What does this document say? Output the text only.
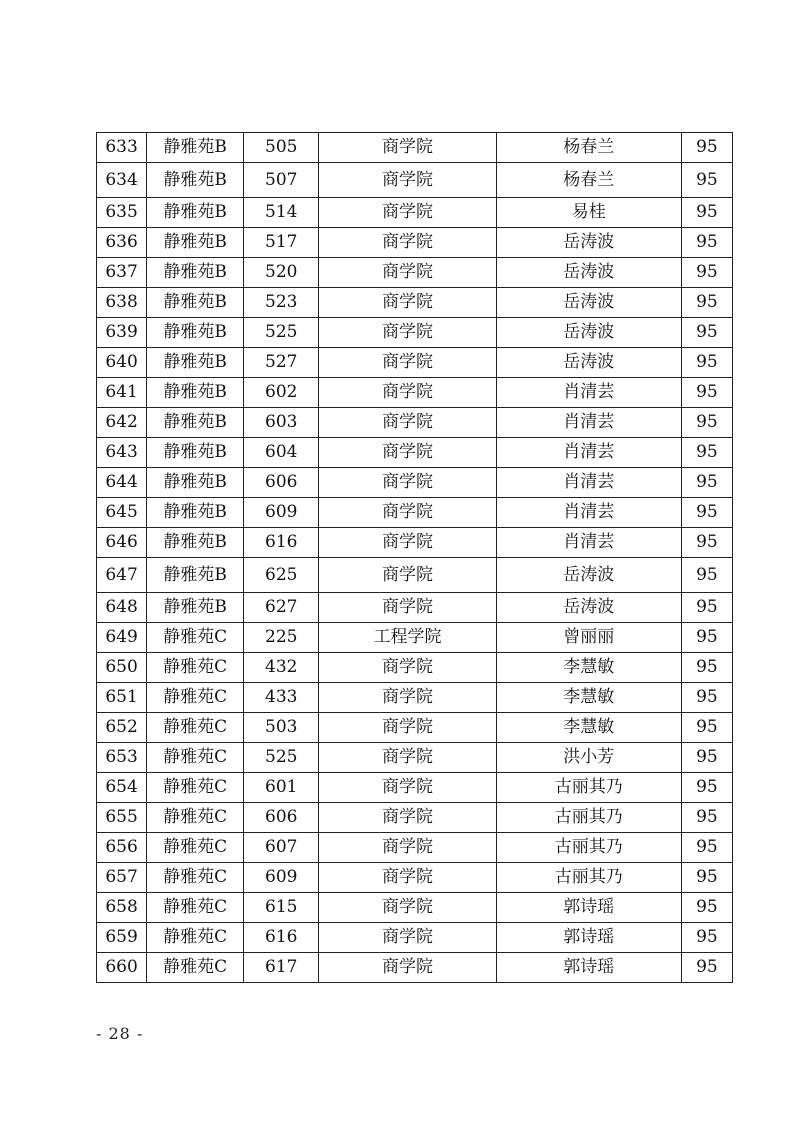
633	静雅苑B	505	商学院	杨春兰	95
634	静雅苑B	507	商学院	杨春兰	95
635	静雅苑B	514	商学院	易桂	95
636	静雅苑B	517	商学院	岳涛波	95
637	静雅苑B	520	商学院	岳涛波	95
638	静雅苑B	523	商学院	岳涛波	95
639	静雅苑B	525	商学院	岳涛波	95
640	静雅苑B	527	商学院	岳涛波	95
641	静雅苑B	602	商学院	肖清芸	95
642	静雅苑B	603	商学院	肖清芸	95
643	静雅苑B	604	商学院	肖清芸	95
644	静雅苑B	606	商学院	肖清芸	95
645	静雅苑B	609	商学院	肖清芸	95
646	静雅苑B	616	商学院	肖清芸	95
647	静雅苑B	625	商学院	岳涛波	95
648	静雅苑B	627	商学院	岳涛波	95
649	静雅苑C	225	工程学院	曾丽丽	95
650	静雅苑C	432	商学院	李慧敏	95
651	静雅苑C	433	商学院	李慧敏	95
652	静雅苑C	503	商学院	李慧敏	95
653	静雅苑C	525	商学院	洪小芳	95
654	静雅苑C	601	商学院	古丽其乃	95
655	静雅苑C	606	商学院	古丽其乃	95
656	静雅苑C	607	商学院	古丽其乃	95
657	静雅苑C	609	商学院	古丽其乃	95
658	静雅苑C	615	商学院	郭诗瑶	95
659	静雅苑C	616	商学院	郭诗瑶	95
660	静雅苑C	617	商学院	郭诗瑶	95
- 28 -
